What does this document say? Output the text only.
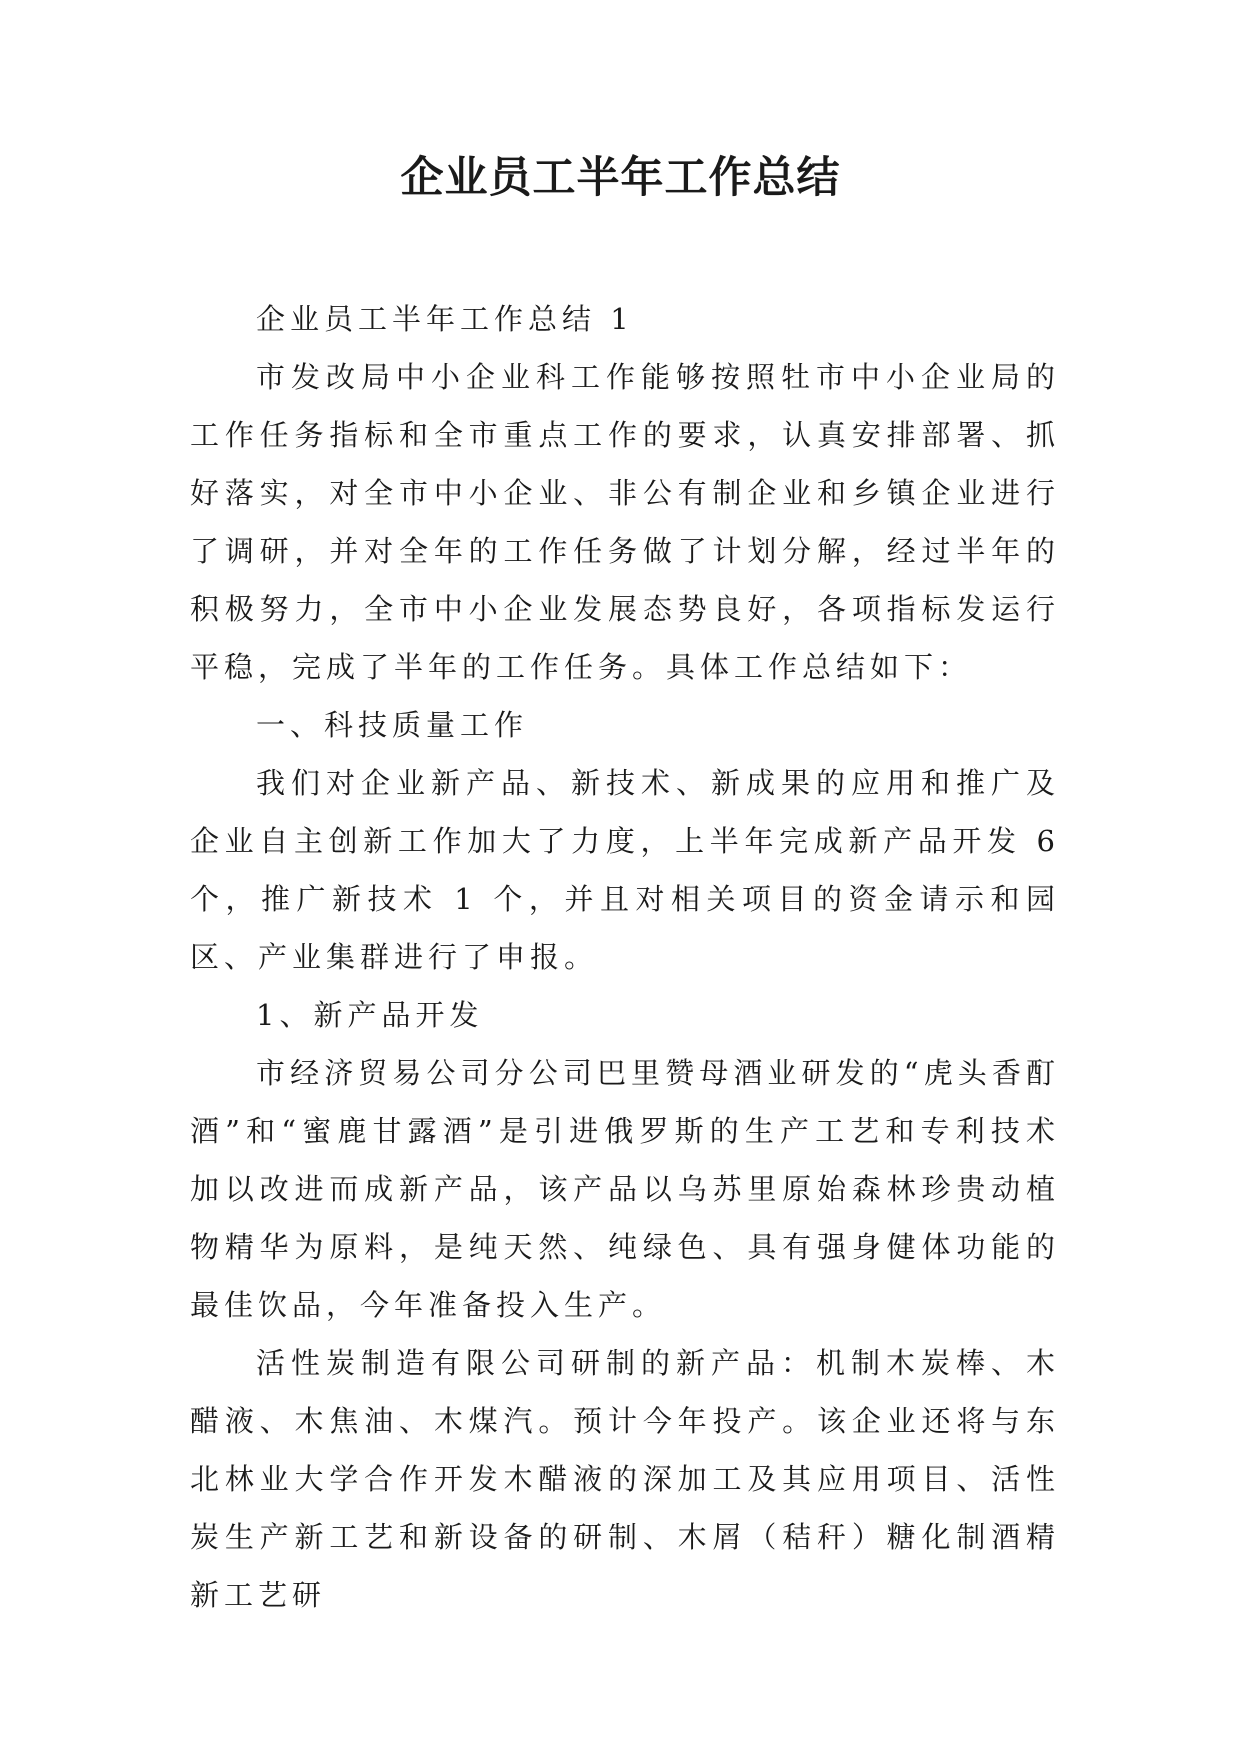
企业员工半年工作总结

企业员工半年工作总结 1

市发改局中小企业科工作能够按照牡市中小企业局的工作任务指标和全市重点工作的要求，认真安排部署、抓好落实，对全市中小企业、非公有制企业和乡镇企业进行了调研，并对全年的工作任务做了计划分解，经过半年的积极努力，全市中小企业发展态势良好，各项指标发运行平稳，完成了半年的工作任务。具体工作总结如下：

一、科技质量工作

我们对企业新产品、新技术、新成果的应用和推广及企业自主创新工作加大了力度，上半年完成新产品开发 6 个，推广新技术 1 个，并且对相关项目的资金请示和园区、产业集群进行了申报。

1、新产品开发

市经济贸易公司分公司巴里赞母酒业研发的“虎头香酊酒”和“蜜鹿甘露酒”是引进俄罗斯的生产工艺和专利技术加以改进而成新产品，该产品以乌苏里原始森林珍贵动植物精华为原料，是纯天然、纯绿色、具有强身健体功能的最佳饮品，今年准备投入生产。

活性炭制造有限公司研制的新产品：机制木炭棒、木醋液、木焦油、木煤汽。预计今年投产。该企业还将与东北林业大学合作开发木醋液的深加工及其应用项目、活性炭生产新工艺和新设备的研制、木屑（秸秆）糖化制酒精新工艺研
